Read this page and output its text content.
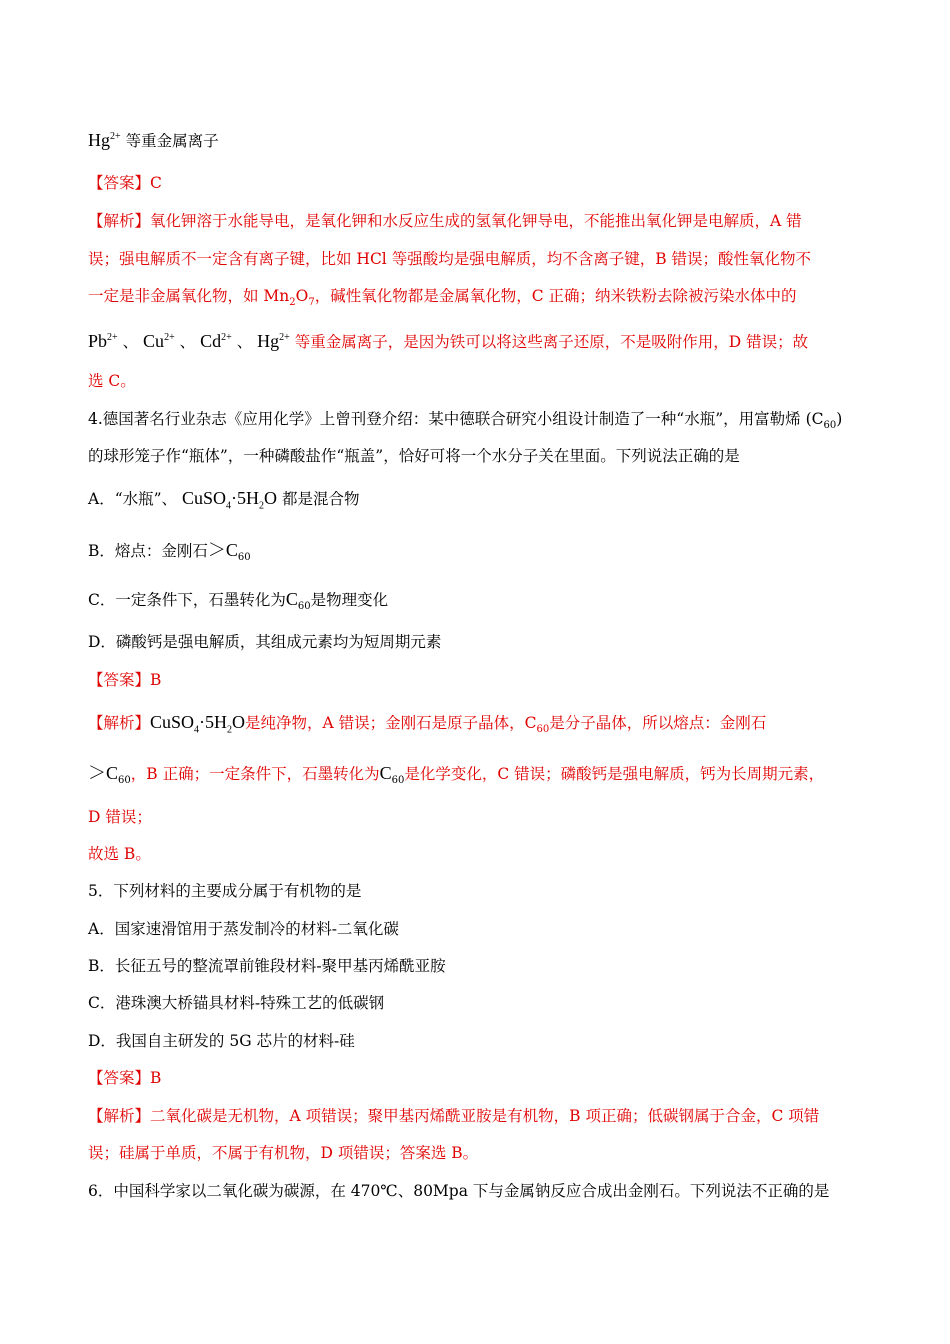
$Hg^{2+}$ 等重金属离子
【答案】C
【解析】氧化钾溶于水能导电，是氧化钾和水反应生成的氢氧化钾导电，不能推出氧化钾是电解质，A 错
误；强电解质不一定含有离子键，比如 HCl 等强酸均是强电解质，均不含离子键，B 错误；酸性氧化物不
一定是非金属氧化物，如 $Mn_2O_7$，碱性氧化物都是金属氧化物，C 正确；纳米铁粉去除被污染水体中的
$Pb^{2+}$ 、 $Cu^{2+}$ 、 $Cd^{2+}$ 、 $Hg^{2+}$ 等重金属离子，是因为铁可以将这些离子还原，不是吸附作用，D 错误；故
选 C。
4.德国著名行业杂志《应用化学》上曾刊登介绍：某中德联合研究小组设计制造了一种“水瓶”，用富勒烯 $(C_{60})$
的球形笼子作“瓶体”，一种磷酸盐作“瓶盖”，恰好可将一个水分子关在里面。下列说法正确的是
A．“水瓶”、 $CuSO_4\cdot 5H_2O$ 都是混合物
B．熔点：金刚石$>C_{60}$
C．一定条件下，石墨转化为$C_{60}$是物理变化
D．磷酸钙是强电解质，其组成元素均为短周期元素
【答案】B
【解析】$CuSO_4\cdot 5H_2O$是纯净物，A 错误；金刚石是原子晶体，$C_{60}$是分子晶体，所以熔点：金刚石
$>C_{60}$，B 正确；一定条件下，石墨转化为$C_{60}$是化学变化，C 错误；磷酸钙是强电解质，钙为长周期元素，
D 错误；
故选 B。
5．下列材料的主要成分属于有机物的是
A．国家速滑馆用于蒸发制冷的材料-二氧化碳
B．长征五号的整流罩前锥段材料-聚甲基丙烯酰亚胺
C．港珠澳大桥锚具材料-特殊工艺的低碳钢
D．我国自主研发的 5G 芯片的材料-硅
【答案】B
【解析】二氧化碳是无机物，A 项错误；聚甲基丙烯酰亚胺是有机物，B 项正确；低碳钢属于合金，C 项错
误；硅属于单质，不属于有机物，D 项错误；答案选 B。
6．中国科学家以二氧化碳为碳源，在 470℃、80Mpa 下与金属钠反应合成出金刚石。下列说法不正确的是
